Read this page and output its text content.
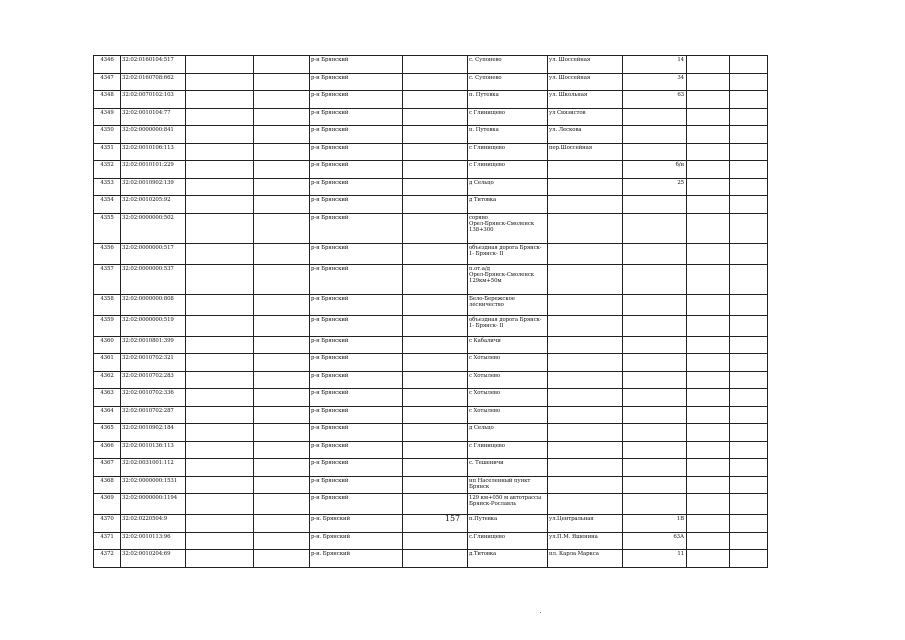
4346	32:02:0160104:517			р-н Брянский		с. Супонево	ул. Шоссейная	14		
4347	32:02:0160708:662			р-н Брянский		с. Супонево	ул. Шоссейная	34		
4348	32:02:0070102:103			р-н Брянский		п. Путевка	ул. Школьная	63		
4349	32:02:0010104:77			р-н Брянский		с Глинищево	ул Связистов			
4350	32:02:0000000:841			р-н Брянский		п. Путевка	ул. Лескова			
4351	32:02:0010106:113			р-н Брянский		с Глинищево	пер.Шоссейная			
4352	32:02:0010101:229			р-н Брянский		с Глинищево		б/н		
4353	32:02:0010902:139			р-н Брянский		д Сельцо		25		
4354	32:02:0010205:92			р-н Брянский		д Титовка				
4355	32:02:0000000:502			р-н Брянский		соряво
Орел-Брянск-Смоленск
138+300				
4356	32:02:0000000:517			р-н Брянский		объездная дорога Брянск-
1- Брянск- II				
4357	32:02:0000000:537			р-н Брянский		п.от.а/д
Орел-Брянск-Смоленск
129км+50м				
4358	32:02:0000000:808			р-н Брянский		Бело-Бережское
лесничество				
4359	32:02:0000000:519			р-н Брянский		объездная дорога Брянск-
1- Брянск- II				
4360	32:02:0010801:399			р-н Брянский		с Кабаличи				
4361	32:02:0010702:321			р-н Брянский		с Хотылево				
4362	32:02:0010702:283			р-н Брянский		с Хотылево				
4363	32:02:0010702:336			р-н Брянский		с Хотылево				
4364	32:02:0010702:287			р-н Брянский		с Хотылево				
4365	32:02:0010902:184			р-н Брянский		д Сельцо				
4366	32:02:0010136:113			р-н Брянский		с Глинищево				
4367	32:02:0031001:112			р-н Брянский		с. Тешеничи				
4368	32:02:0000000:1531			р-н Брянский		нп Населенный пункт Брянск				
4369	32:02:0000000:1194			р-н Брянский		129 км+050 м автотрассы
Брянск-Рославль				
4370	32:02:0220504:9			р-н. Брянский		п.Путевка	ул.Центральная	1В		
4371	32:02:0010113:96			р-н. Брянский		с.Глинищево	ул.П.М. Яшенина	63А		
4372	32:02:0010204:69			р-н. Брянский		д.Титовка	пл. Карла Маркса	11		
157
